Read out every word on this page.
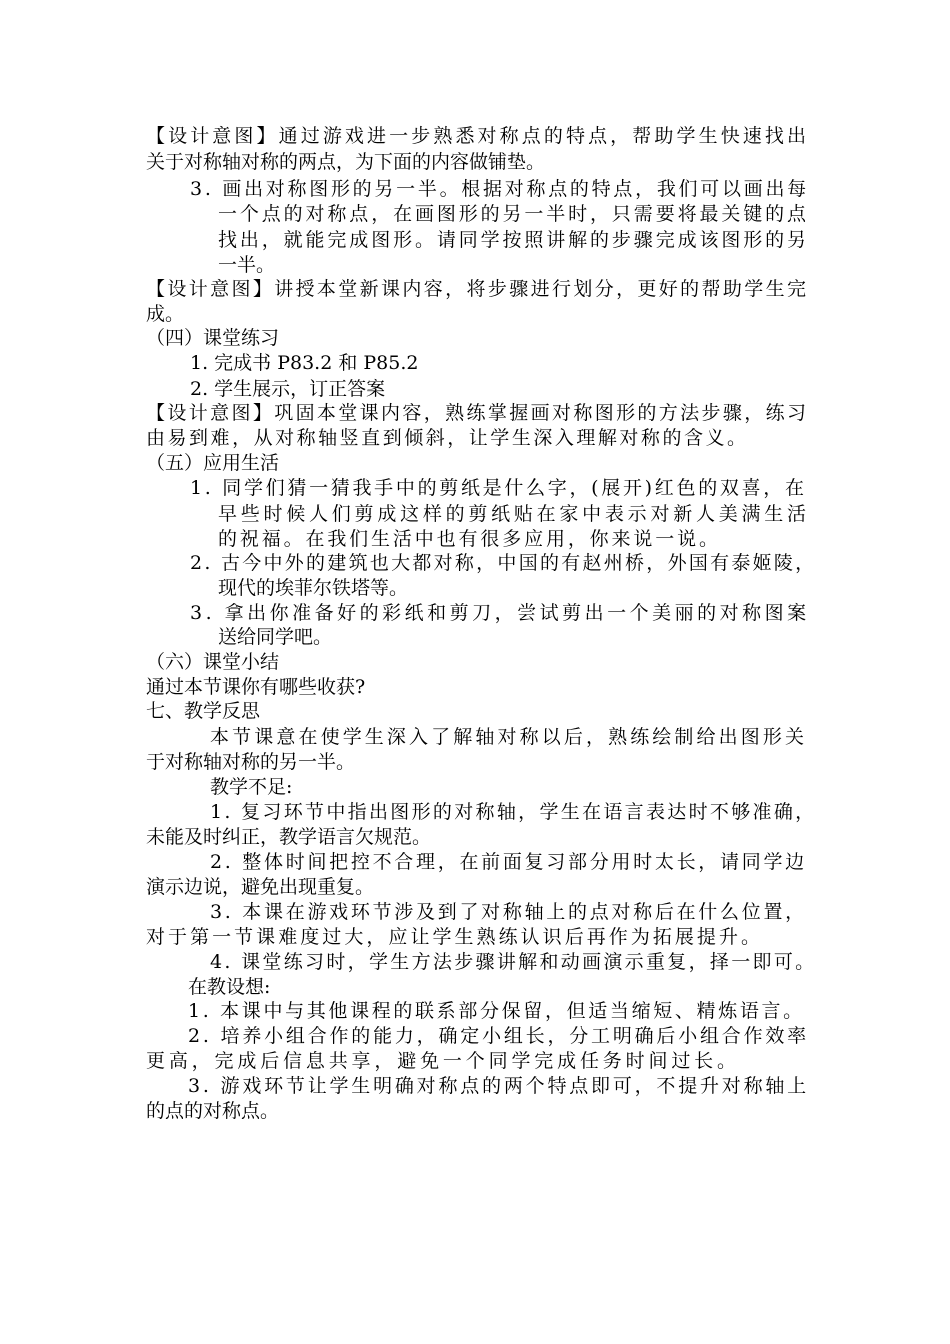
【设计意图】通过游戏进一步熟悉对称点的特点，帮助学生快速找出
关于对称轴对称的两点，为下面的内容做铺垫。
3. 画出对称图形的另一半。根据对称点的特点，我们可以画出每
一个点的对称点，在画图形的另一半时，只需要将最关键的点
找出，就能完成图形。请同学按照讲解的步骤完成该图形的另
一半。
【设计意图】讲授本堂新课内容，将步骤进行划分，更好的帮助学生完
成。
（四）课堂练习
1. 完成书 P83.2 和 P85.2
2. 学生展示，订正答案
【设计意图】巩固本堂课内容，熟练掌握画对称图形的方法步骤，练习
由易到难，从对称轴竖直到倾斜，让学生深入理解对称的含义。
（五）应用生活
1. 同学们猜一猜我手中的剪纸是什么字，(展开)红色的双喜，在
早些时候人们剪成这样的剪纸贴在家中表示对新人美满生活
的祝福。在我们生活中也有很多应用，你来说一说。
2. 古今中外的建筑也大都对称，中国的有赵州桥，外国有泰姬陵，
现代的埃菲尔铁塔等。
3. 拿出你准备好的彩纸和剪刀，尝试剪出一个美丽的对称图案
送给同学吧。
（六）课堂小结
通过本节课你有哪些收获?
七、教学反思
本节课意在使学生深入了解轴对称以后，熟练绘制给出图形关
于对称轴对称的另一半。
教学不足:
1. 复习环节中指出图形的对称轴，学生在语言表达时不够准确，
未能及时纠正，教学语言欠规范。
2. 整体时间把控不合理，在前面复习部分用时太长，请同学边
演示边说，避免出现重复。
3. 本课在游戏环节涉及到了对称轴上的点对称后在什么位置，
对于第一节课难度过大，应让学生熟练认识后再作为拓展提升。
4. 课堂练习时，学生方法步骤讲解和动画演示重复，择一即可。
在教设想:
1. 本课中与其他课程的联系部分保留，但适当缩短、精炼语言。
2. 培养小组合作的能力，确定小组长，分工明确后小组合作效率
更高，完成后信息共享，避免一个同学完成任务时间过长。
3. 游戏环节让学生明确对称点的两个特点即可，不提升对称轴上
的点的对称点。
